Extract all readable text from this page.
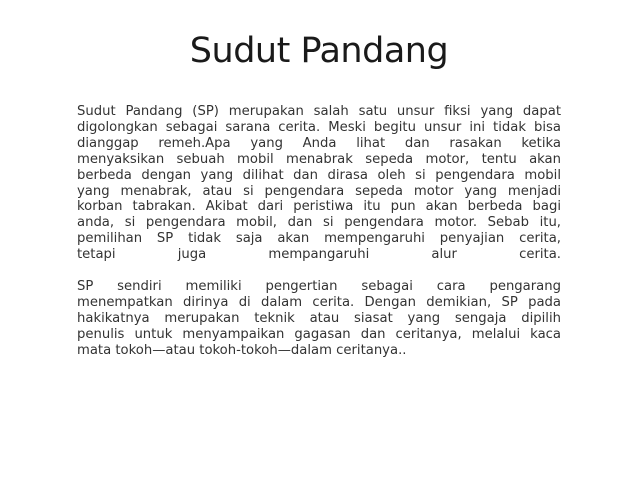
Sudut Pandang
Sudut Pandang (SP) merupakan salah satu unsur fiksi yang dapat
digolongkan sebagai sarana cerita. Meski begitu unsur ini tidak bisa
dianggap remeh.Apa yang Anda lihat dan rasakan ketika
menyaksikan sebuah mobil menabrak sepeda motor, tentu akan
berbeda dengan yang dilihat dan dirasa oleh si pengendara mobil
yang menabrak, atau si pengendara sepeda motor yang menjadi
korban tabrakan. Akibat dari peristiwa itu pun akan berbeda bagi
anda, si pengendara mobil, dan si pengendara motor. Sebab itu,
pemilihan SP tidak saja akan mempengaruhi penyajian cerita,
tetapi juga mempangaruhi alur cerita.
SP sendiri memiliki pengertian sebagai cara pengarang
menempatkan dirinya di dalam cerita. Dengan demikian, SP pada
hakikatnya merupakan teknik atau siasat yang sengaja dipilih
penulis untuk menyampaikan gagasan dan ceritanya, melalui kaca
mata tokoh—atau tokoh-tokoh—dalam ceritanya..
